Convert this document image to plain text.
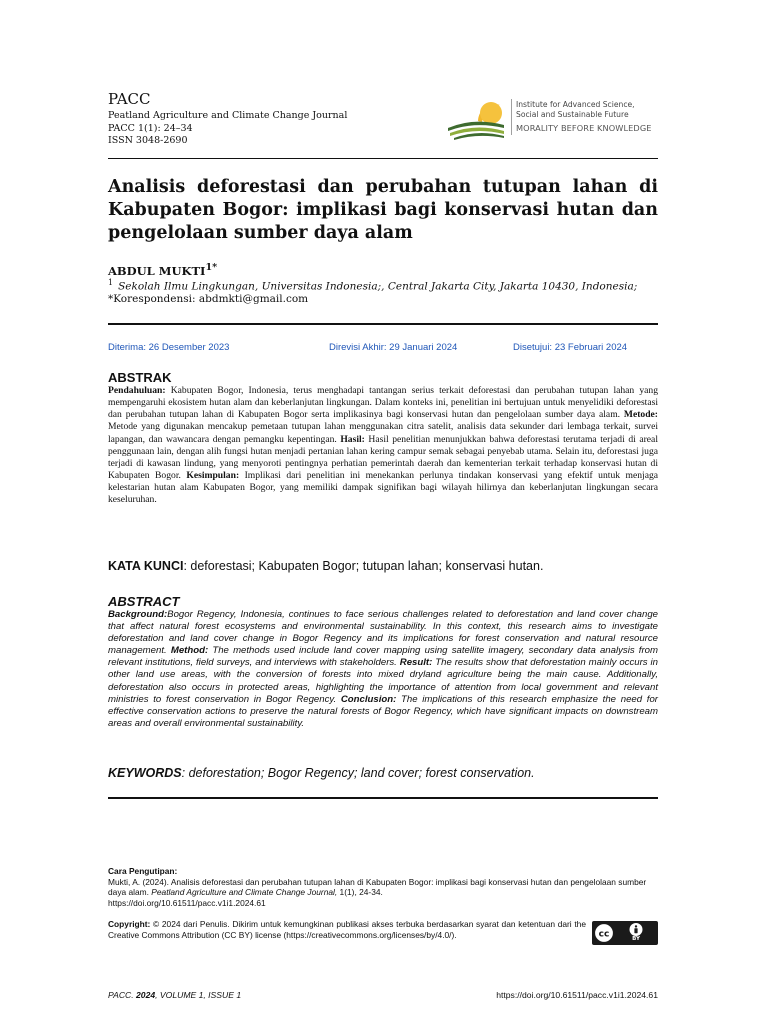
PACC
Peatland Agriculture and Climate Change Journal
PACC 1(1): 24–34
ISSN 3048-2690
Institute for Advanced Science,
Social and Sustainable Future
MORALITY BEFORE KNOWLEDGE
Analisis deforestasi dan perubahan tutupan lahan di Kabupaten Bogor: implikasi bagi konservasi hutan dan pengelolaan sumber daya alam
ABDUL $MUKTI^{1*}$
$^1$ Sekolah Ilmu Lingkungan, Universitas Indonesia;, Central Jakarta City, Jakarta 10430, Indonesia;
*Korespondensi: abdmkti@gmail.com
Diterima: 26 Desember 2023	Direvisi Akhir: 29 Januari 2024	Disetujui: 23 Februari 2024
ABSTRAK
Pendahuluan: Kabupaten Bogor, Indonesia, terus menghadapi tantangan serius terkait deforestasi dan perubahan tutupan lahan yang mempengaruhi ekosistem hutan alam dan keberlanjutan lingkungan. Dalam konteks ini, penelitian ini bertujuan untuk menyelidiki deforestasi dan perubahan tutupan lahan di Kabupaten Bogor serta implikasinya bagi konservasi hutan dan pengelolaan sumber daya alam. Metode: Metode yang digunakan mencakup pemetaan tutupan lahan menggunakan citra satelit, analisis data sekunder dari lembaga terkait, survei lapangan, dan wawancara dengan pemangku kepentingan. Hasil: Hasil penelitian menunjukkan bahwa deforestasi terutama terjadi di areal penggunaan lain, dengan alih fungsi hutan menjadi pertanian lahan kering campur semak sebagai penyebab utama. Selain itu, deforestasi juga terjadi di kawasan lindung, yang menyoroti pentingnya perhatian pemerintah daerah dan kementerian terkait terhadap konservasi hutan di Kabupaten Bogor. Kesimpulan: Implikasi dari penelitian ini menekankan perlunya tindakan konservasi yang efektif untuk menjaga kelestarian hutan alam Kabupaten Bogor, yang memiliki dampak signifikan bagi wilayah hilirnya dan keberlanjutan lingkungan secara keseluruhan.
KATA KUNCI: deforestasi; Kabupaten Bogor; tutupan lahan; konservasi hutan.
ABSTRACT
Background:Bogor Regency, Indonesia, continues to face serious challenges related to deforestation and land cover change that affect natural forest ecosystems and environmental sustainability. In this context, this research aims to investigate deforestation and land cover change in Bogor Regency and its implications for forest conservation and natural resource management. Method: The methods used include land cover mapping using satellite imagery, secondary data analysis from relevant institutions, field surveys, and interviews with stakeholders. Result: The results show that deforestation mainly occurs in other land use areas, with the conversion of forests into mixed dryland agriculture being the main cause. Additionally, deforestation also occurs in protected areas, highlighting the importance of attention from local government and relevant ministries to forest conservation in Bogor Regency. Conclusion: The implications of this research emphasize the need for effective conservation actions to preserve the natural forests of Bogor Regency, which have significant impacts on downstream areas and overall environmental sustainability.
KEYWORDS: deforestation; Bogor Regency; land cover; forest conservation.
Cara Pengutipan:
Mukti, A. (2024). Analisis deforestasi dan perubahan tutupan lahan di Kabupaten Bogor: implikasi bagi konservasi hutan dan pengelolaan sumber daya alam. Peatland Agriculture and Climate Change Journal, 1(1), 24-34.
https://doi.org/10.61511/pacc.v1i1.2024.61
Copyright: © 2024 dari Penulis. Dikirim untuk kemungkinan publikasi akses terbuka berdasarkan syarat dan ketentuan dari the Creative Commons Attribution (CC BY) license (https://creativecommons.org/licenses/by/4.0/).	cc	BY
PACC. 2024, VOLUME 1, ISSUE 1	https://doi.org/10.61511/pacc.v1i1.2024.61
